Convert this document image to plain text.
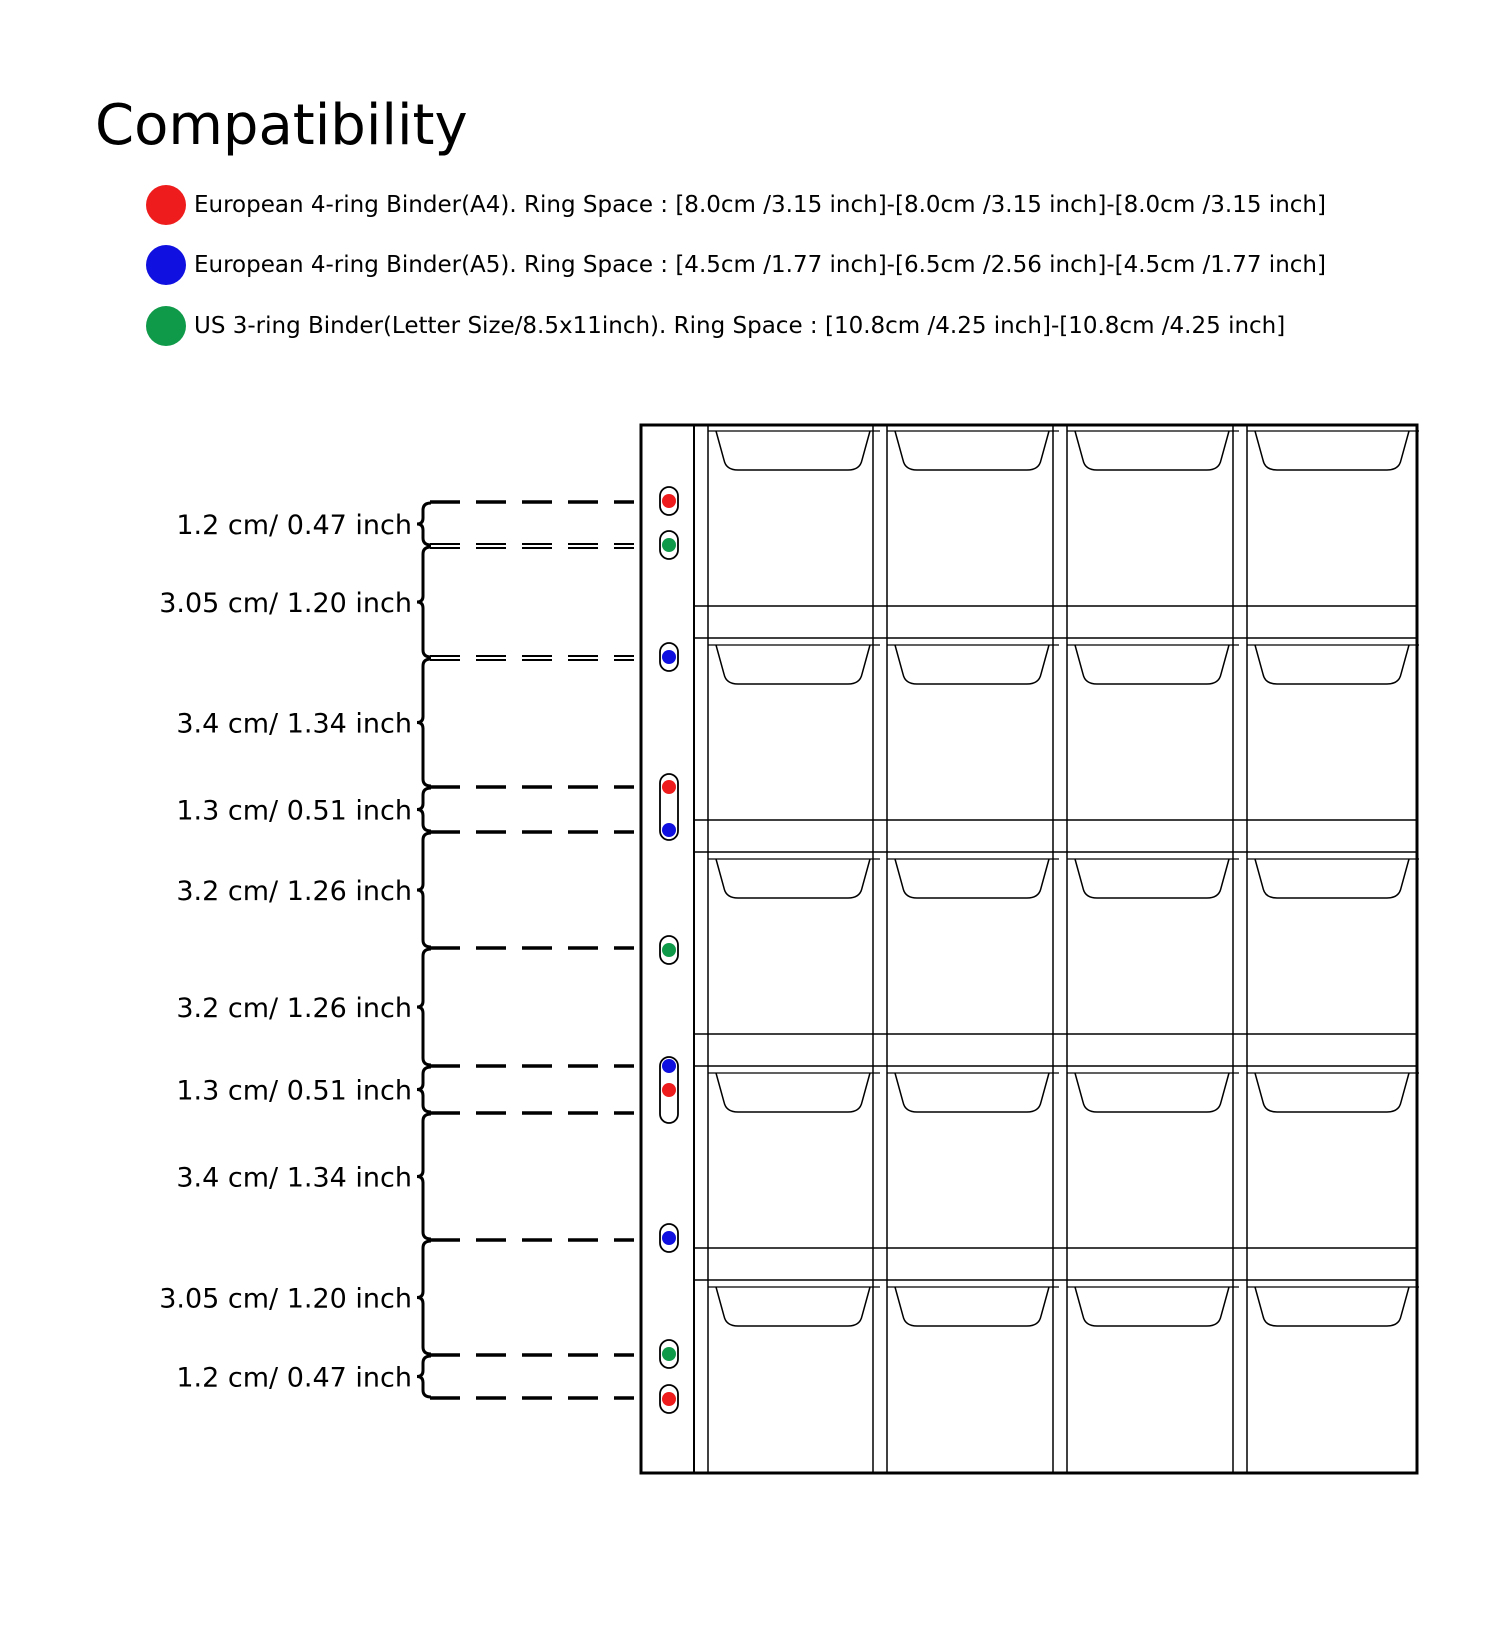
Compatibility
European 4-ring Binder(A4). Ring Space : [8.0cm /3.15 inch]-[8.0cm /3.15 inch]-[8.0cm /3.15 inch]
European 4-ring Binder(A5). Ring Space : [4.5cm /1.77 inch]-[6.5cm /2.56 inch]-[4.5cm /1.77 inch]
US 3-ring Binder(Letter Size/8.5x11inch). Ring Space : [10.8cm /4.25 inch]-[10.8cm /4.25 inch]
1.2 cm/ 0.47 inch
3.05 cm/ 1.20 inch
3.4 cm/ 1.34 inch
1.3 cm/ 0.51 inch
3.2 cm/ 1.26 inch
3.2 cm/ 1.26 inch
1.3 cm/ 0.51 inch
3.4 cm/ 1.34 inch
3.05 cm/ 1.20 inch
1.2 cm/ 0.47 inch
